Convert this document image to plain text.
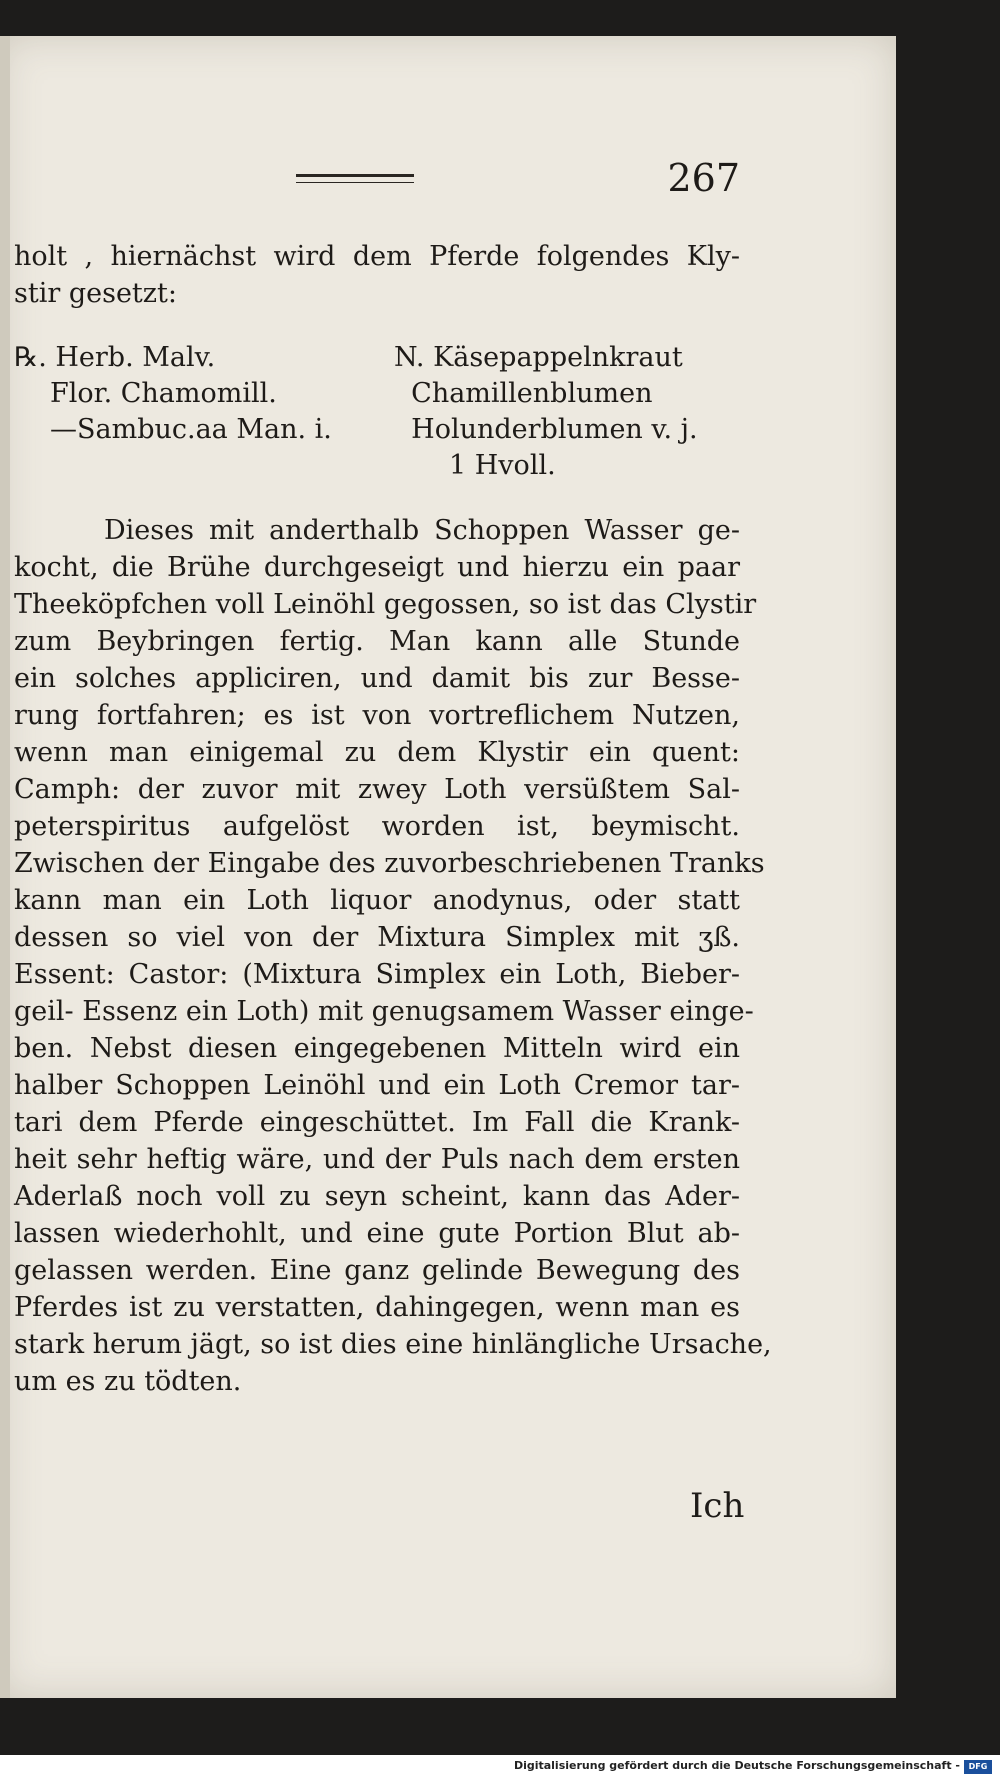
267
holt , hiernächst wird dem Pferde folgendes Kly-
stir gesetzt:
℞. Herb. Malv.	N. Käsepappelnkraut
Flor. Chamomill.	Chamillenblumen
—Sambuc.aa Man. i.	Holunderblumen v. j.
1 Hvoll.
Dieses mit anderthalb Schoppen Wasser ge-
kocht, die Brühe durchgeseigt und hierzu ein paar
Theeköpfchen voll Leinöhl gegossen, so ist das Clystir
zum Beybringen fertig. Man kann alle Stunde
ein solches appliciren, und damit bis zur Besse-
rung fortfahren; es ist von vortreflichem Nutzen,
wenn man einigemal zu dem Klystir ein quent:
Camph: der zuvor mit zwey Loth versüßtem Sal-
peterspiritus aufgelöst worden ist, beymischt.
Zwischen der Eingabe des zuvorbeschriebenen Tranks
kann man ein Loth liquor anodynus, oder statt
dessen so viel von der Mixtura Simplex mit ʒß.
Essent: Castor: (Mixtura Simplex ein Loth, Bieber-
geil- Essenz ein Loth) mit genugsamem Wasser einge-
ben. Nebst diesen eingegebenen Mitteln wird ein
halber Schoppen Leinöhl und ein Loth Cremor tar-
tari dem Pferde eingeschüttet. Im Fall die Krank-
heit sehr heftig wäre, und der Puls nach dem ersten
Aderlaß noch voll zu seyn scheint, kann das Ader-
lassen wiederhohlt, und eine gute Portion Blut ab-
gelassen werden. Eine ganz gelinde Bewegung des
Pferdes ist zu verstatten, dahingegen, wenn man es
stark herum jägt, so ist dies eine hinlängliche Ursache,
um es zu tödten.
Ich
Digitalisierung gefördert durch die Deutsche Forschungsgemeinschaft -	DFG
